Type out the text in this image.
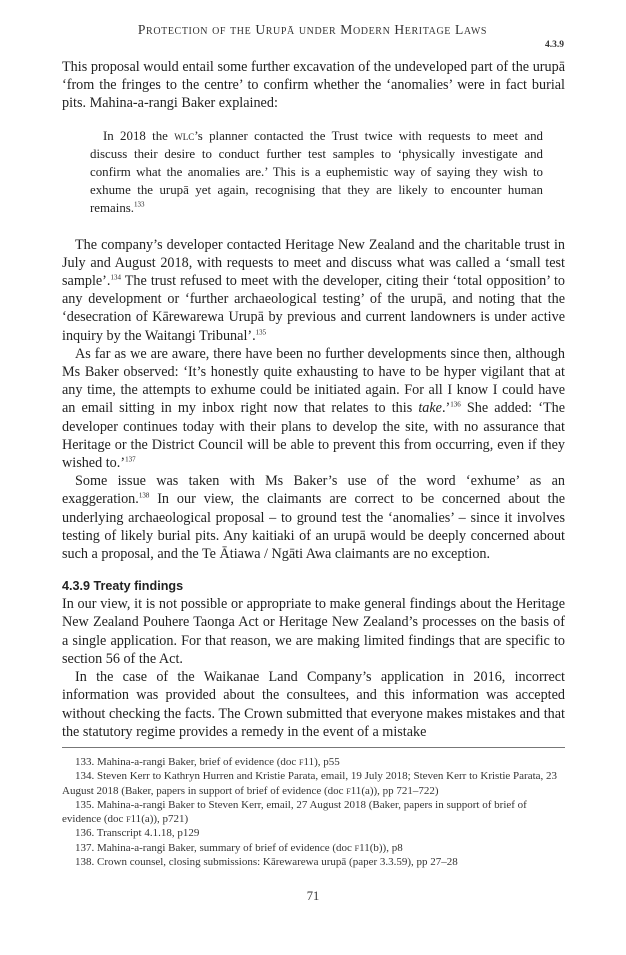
Protection of the Urupā under Modern Heritage Laws
4.3.9

This proposal would entail some further excavation of the undeveloped part of the urupā ‘from the fringes to the centre’ to confirm whether the ‘anomalies’ were in fact burial pits. Mahina-a-rangi Baker explained:

In 2018 the wlc’s planner contacted the Trust twice with requests to meet and discuss their desire to conduct further test samples to ‘physically investigate and confirm what the anomalies are.’ This is a euphemistic way of saying they wish to exhume the urupā yet again, recognising that they are likely to encounter human remains.$^{133}$

The company’s developer contacted Heritage New Zealand and the charitable trust in July and August 2018, with requests to meet and discuss what was called a ‘small test sample’.$^{134}$ The trust refused to meet with the developer, citing their ‘total opposition’ to any development or ‘further archaeological testing’ of the urupā, and noting that the ‘desecration of Kārewarewa Urupā by previous and current landowners is under active inquiry by the Waitangi Tribunal’.$^{135}$

As far as we are aware, there have been no further developments since then, although Ms Baker observed: ‘It’s honestly quite exhausting to have to be hyper vigilant that at any time, the attempts to exhume could be initiated again. For all I know I could have an email sitting in my inbox right now that relates to this take.’$^{136}$ She added: ‘The developer continues today with their plans to develop the site, with no assurance that Heritage or the District Council will be able to prevent this from occurring, even if they wished to.’$^{137}$

Some issue was taken with Ms Baker’s use of the word ‘exhume’ as an exaggeration.$^{138}$ In our view, the claimants are correct to be concerned about the underlying archaeological proposal – to ground test the ‘anomalies’ – since it involves testing of likely burial pits. Any kaitiaki of an urupā would be deeply concerned about such a proposal, and the Te Ātiawa / Ngāti Awa claimants are no exception.

4.3.9 Treaty findings

In our view, it is not possible or appropriate to make general findings about the Heritage New Zealand Pouhere Taonga Act or Heritage New Zealand’s processes on the basis of a single application. For that reason, we are making limited findings that are specific to section 56 of the Act.

In the case of the Waikanae Land Company’s application in 2016, incorrect information was provided about the consultees, and this information was accepted without checking the facts. The Crown submitted that everyone makes mistakes and that the statutory regime provides a remedy in the event of a mistake

133. Mahina-a-rangi Baker, brief of evidence (doc f11), p55

134. Steven Kerr to Kathryn Hurren and Kristie Parata, email, 19 July 2018; Steven Kerr to Kristie Parata, 23 August 2018 (Baker, papers in support of brief of evidence (doc f11(a)), pp 721–722)

135. Mahina-a-rangi Baker to Steven Kerr, email, 27 August 2018 (Baker, papers in support of brief of evidence (doc f11(a)), p721)

136. Transcript 4.1.18, p129

137. Mahina-a-rangi Baker, summary of brief of evidence (doc f11(b)), p8

138. Crown counsel, closing submissions: Kārewarewa urupā (paper 3.3.59), pp 27–28

71
